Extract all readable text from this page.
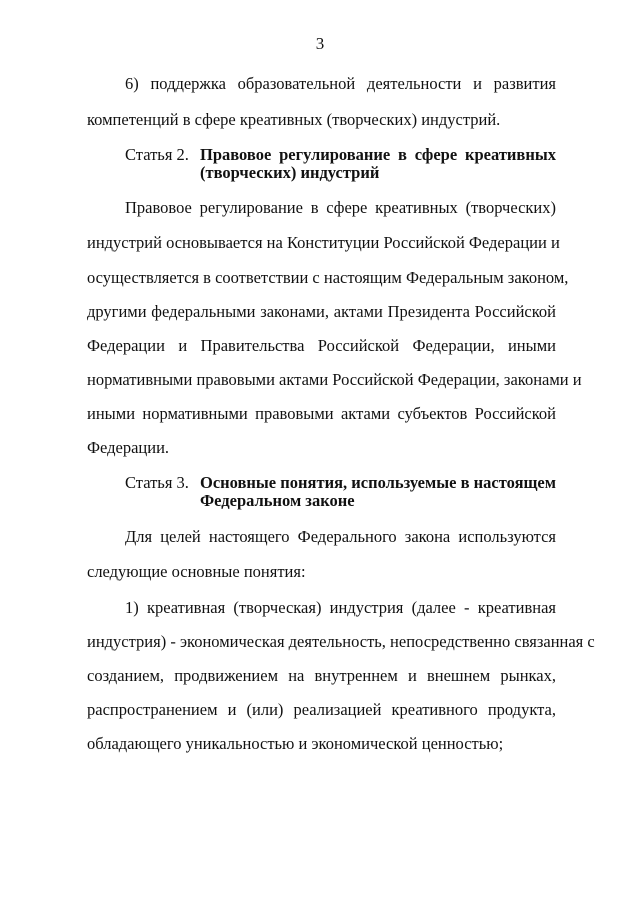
3
6) поддержка образовательной деятельности и развития
компетенций в сфере креативных (творческих) индустрий.
Статья 2. Правовое регулирование в сфере креативных
(творческих) индустрий
Правовое регулирование в сфере креативных (творческих)
индустрий основывается на Конституции Российской Федерации и
осуществляется в соответствии с настоящим Федеральным законом,
другими федеральными законами, актами Президента Российской
Федерации и Правительства Российской Федерации, иными
нормативными правовыми актами Российской Федерации, законами и
иными нормативными правовыми актами субъектов Российской
Федерации.
Статья 3. Основные понятия, используемые в настоящем
Федеральном законе
Для целей настоящего Федерального закона используются
следующие основные понятия:
1) креативная (творческая) индустрия (далее - креативная
индустрия) - экономическая деятельность, непосредственно связанная с
созданием, продвижением на внутреннем и внешнем рынках,
распространением и (или) реализацией креативного продукта,
обладающего уникальностью и экономической ценностью;
